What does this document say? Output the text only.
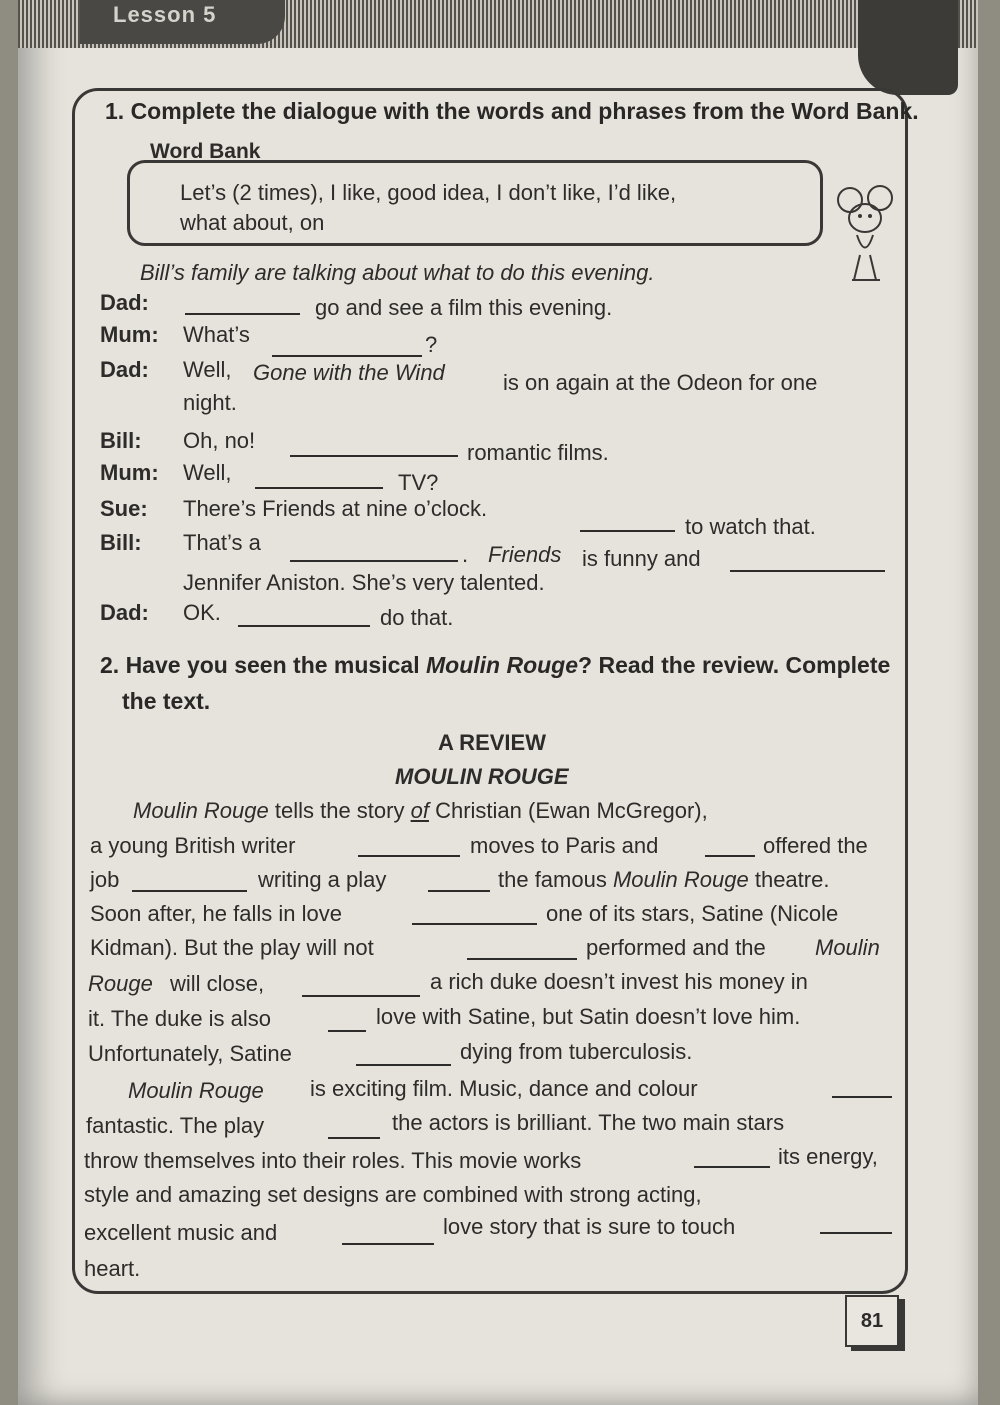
Lesson 5
1. Complete the dialogue with the words and phrases from the Word Bank.
Word Bank
Let’s (2 times), I like, good idea, I don’t like, I’d like,
what about, on
Bill’s family are talking about what to do this evening.
Dad:	go and see a film this evening.
Mum: What’s	?
Dad: Well, Gone with the Wind	is on again at the Odeon for one
night.
Bill: Oh, no!	romantic films.
Mum: Well,	TV?
Sue: There’s Friends at nine o’clock.
to watch that.
Bill: That’s a	. Friends is funny and
Jennifer Aniston. She’s very talented.
Dad: OK.	do that.
2. Have you seen the musical Moulin Rouge? Read the review. Complete
the text.
A REVIEW
MOULIN ROUGE
Moulin Rouge tells the story of Christian (Ewan McGregor),
a young British writer	moves to Paris and	offered the
job	writing a play	the famous Moulin Rouge theatre.
Soon after, he falls in love	one of its stars, Satine (Nicole
Kidman). But the play will not	performed and the Moulin
Rouge will close,	a rich duke doesn’t invest his money in
it. The duke is also	love with Satine, but Satin doesn’t love him.
Unfortunately, Satine	dying from tuberculosis.
Moulin Rouge is exciting film. Music, dance and colour
fantastic. The play	the actors is brilliant. The two main stars
throw themselves into their roles. This movie works	its energy,
style and amazing set designs are combined with strong acting,
excellent music and	love story that is sure to touch
heart.
81
